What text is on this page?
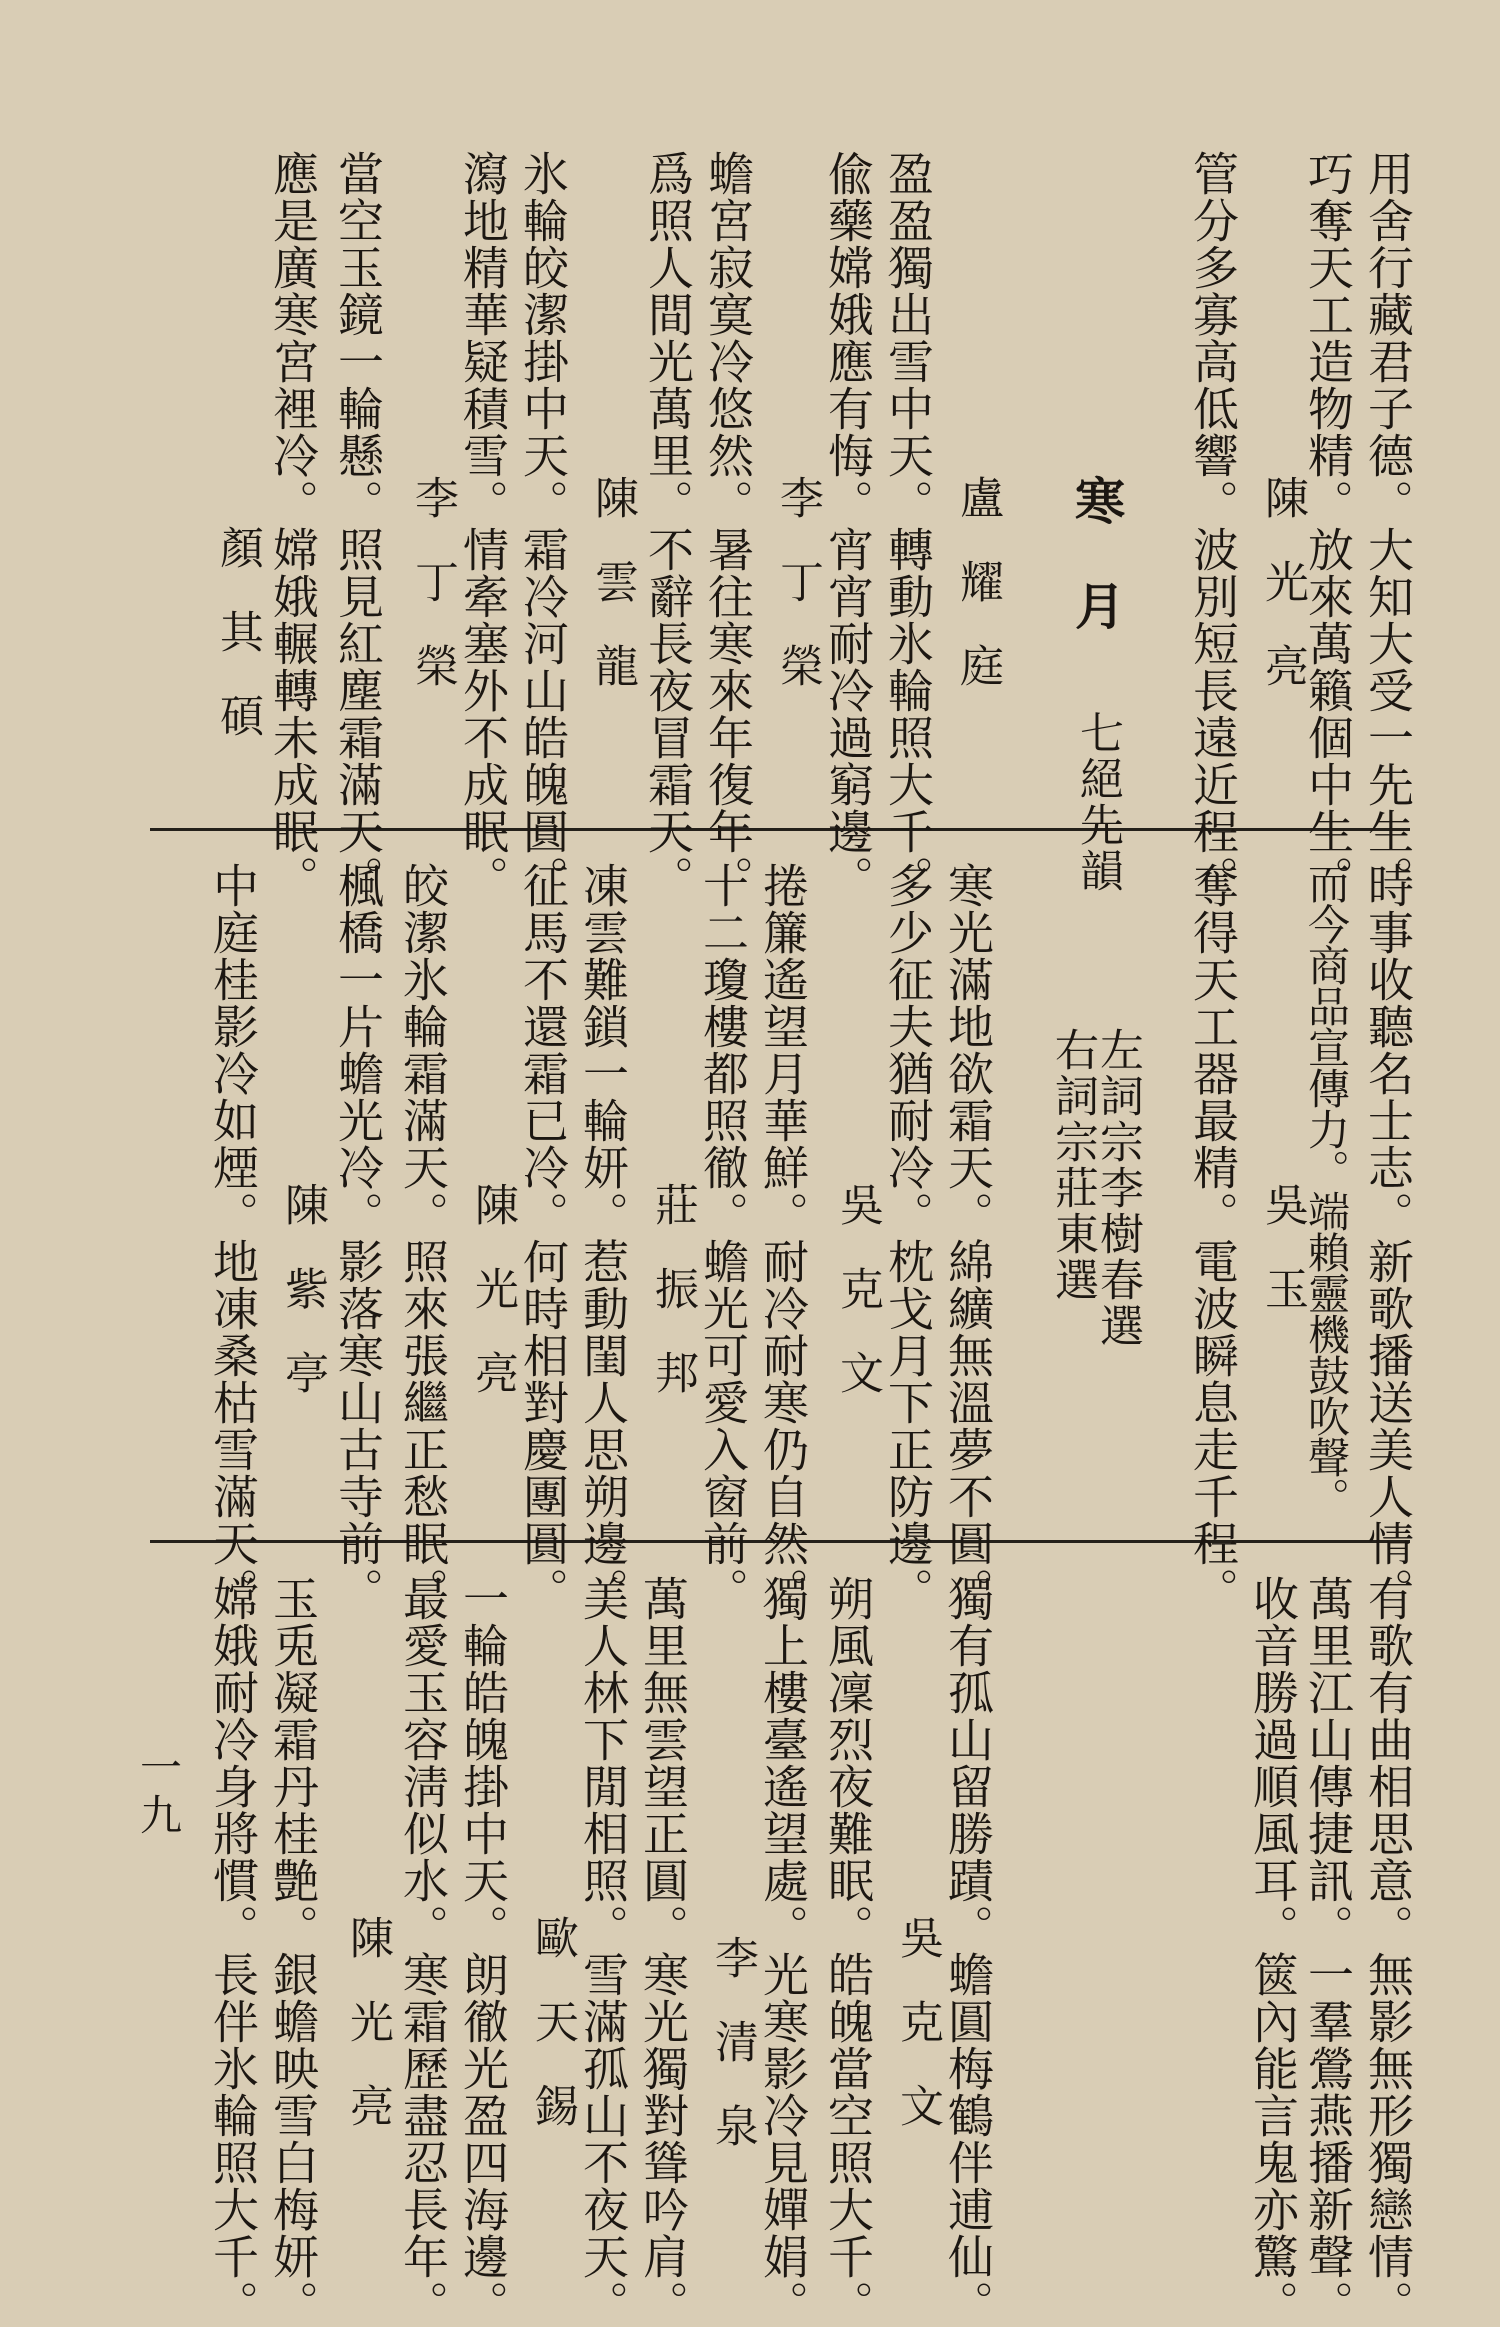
用舍行藏君子德。大知大受一先生。
巧奪天工造物精。放來萬籟個中生。
管分多寡高低響。波別短長遠近程。 陳光亮
寒月
七絕先韻
盈盈獨出雪中天。轉動氷輪照大千。
偸藥嫦娥應有悔。宵宵耐冷過窮邊。 盧耀庭
蟾宮寂寞冷悠然。暑往寒來年復年。
爲照人間光萬里。不辭長夜冒霜天。 李丁榮
氷輪皎潔掛中天。霜冷河山皓魄圓。
瀉地精華疑積雪。情牽塞外不成眠。 陳雲龍
當空玉鏡一輪懸。照見紅塵霜滿天。
應是廣寒宮裡冷。嫦娥輾轉未成眠。 李丁榮
顏其碩
時事收聽名士志。新歌播送美人情。
而今商品宣傳力。端賴靈機鼓吹聲。
吳玉
奪得天工器最精。電波瞬息走千程。
左詞宗李樹春選
右詞宗莊東選
寒光滿地欲霜天。綿纊無溫夢不圓。
多少征夫猶耐冷。枕戈月下正防邊。
吳克文
捲簾遙望月華鮮。耐冷耐寒仍自然。
十二瓊樓都照徹。蟾光可愛入窗前。
莊振邦
凍雲難鎖一輪妍。惹動閨人思朔邊。
征馬不還霜已冷。何時相對慶團圓。
陳光亮
皎潔氷輪霜滿天。照來張繼正愁眠。
楓橋一片蟾光冷。影落寒山古寺前。
陳紫亭
中庭桂影冷如煙。地凍桑枯雪滿天。
有歌有曲相思意。無影無形獨戀情。
萬里江山傳捷訊。一羣鶯燕播新聲。
收音勝過順風耳。篋內能言鬼亦驚。
獨有孤山留勝蹟。蟾圓梅鶴伴逋仙。
吳克文
朔風凜烈夜難眠。皓魄當空照大千。
獨上樓臺遙望處。光寒影冷見嬋娟。
李清泉
萬里無雲望正圓。寒光獨對聳吟肩。
美人林下閒相照。雪滿孤山不夜天。
歐天錫
一輪皓魄掛中天。朗徹光盈四海邊。
最愛玉容淸似水。寒霜歷盡忍長年。
陳光亮
玉兎凝霜丹桂艶。銀蟾映雪白梅妍。
嫦娥耐冷身將慣。長伴氷輪照大千。
一九
